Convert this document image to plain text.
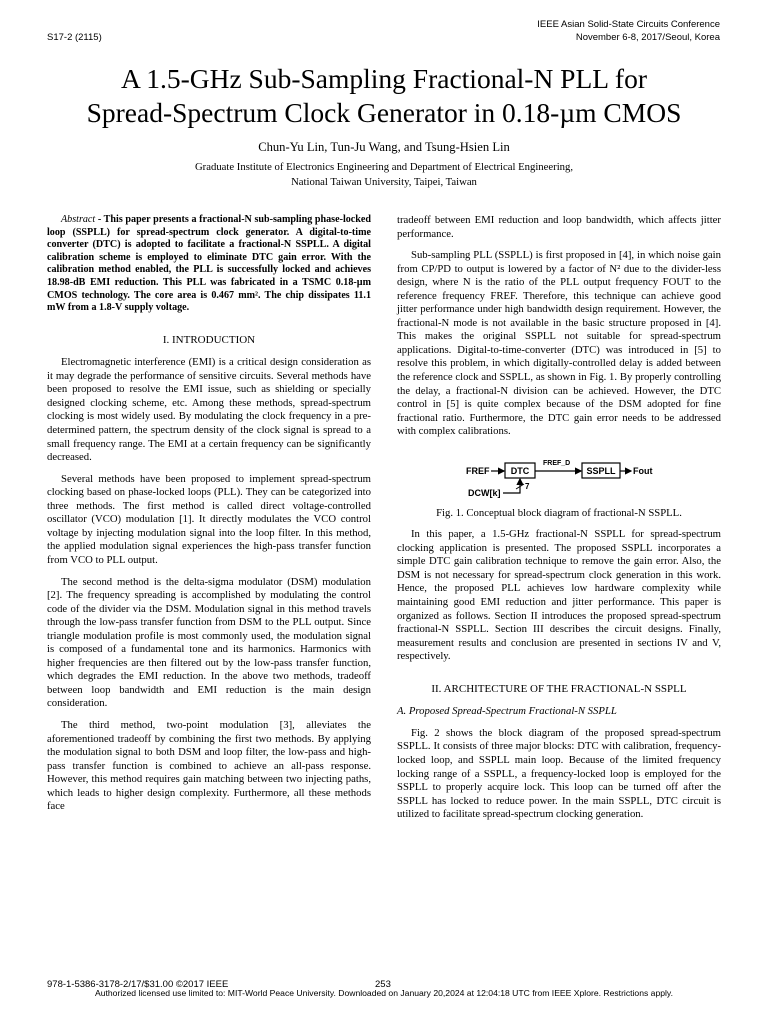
S17-2 (2115)
IEEE Asian Solid-State Circuits Conference
November 6-8, 2017/Seoul, Korea
A 1.5-GHz Sub-Sampling Fractional-N PLL for
Spread-Spectrum Clock Generator in 0.18-µm CMOS
Chun-Yu Lin, Tun-Ju Wang, and Tsung-Hsien Lin
Graduate Institute of Electronics Engineering and Department of Electrical Engineering,
National Taiwan University, Taipei, Taiwan

Abstract - This paper presents a fractional-N sub-sampling phase-locked loop (SSPLL) for spread-spectrum clock generator. A digital-to-time converter (DTC) is adopted to facilitate a fractional-N SSPLL. A digital calibration scheme is employed to eliminate DTC gain error. With the calibration method enabled, the PLL is successfully locked and achieves 18.98-dB EMI reduction. This PLL was fabricated in a TSMC 0.18-µm CMOS technology. The core area is 0.467 mm². The chip dissipates 11.1 mW from a 1.8-V supply voltage.

I. INTRODUCTION

Electromagnetic interference (EMI) is a critical design consideration as it may degrade the performance of sensitive circuits. Several methods have been proposed to resolve the EMI issue, such as shielding or specially designed clocking scheme, etc. Among these methods, spread-spectrum clocking is most widely used. By modulating the clock frequency in a pre-determined pattern, the spectrum density of the clock signal is spread to a small frequency range. The EMI at a certain frequency can be significantly decreased.

Several methods have been proposed to implement spread-spectrum clocking based on phase-locked loops (PLL). They can be categorized into three methods. The first method is called direct voltage-controlled oscillator (VCO) modulation [1]. It directly modulates the VCO control voltage by injecting modulation signal into the loop filter. In this method, the applied modulation signal experiences the high-pass transfer function from VCO to PLL output.

The second method is the delta-sigma modulator (DSM) modulation [2]. The frequency spreading is accomplished by modulating the control code of the divider via the DSM. Modulation signal in this method travels through the low-pass transfer function from DSM to the PLL output. Since triangle modulation profile is most commonly used, the modulation signal is composed of a fundamental tone and its harmonics. Harmonics with higher frequencies are then filtered out by the low-pass transfer function, which degrades the EMI reduction. In the above two methods, tradeoff between loop bandwidth and EMI reduction is the main design consideration.

The third method, two-point modulation [3], alleviates the aforementioned tradeoff by combining the first two methods. By applying the modulation signal to both DSM and loop filter, the low-pass and high-pass transfer function is combined to achieve an all-pass response. However, this method requires gain matching between two injecting paths, which leads to higher design complexity. Furthermore, all these methods face

tradeoff between EMI reduction and loop bandwidth, which affects jitter performance.

Sub-sampling PLL (SSPLL) is first proposed in [4], in which noise gain from CP/PD to output is lowered by a factor of N² due to the divider-less design, where N is the ratio of the PLL output frequency FOUT to the reference frequency FREF. Therefore, this technique can achieve good jitter performance under high bandwidth design requirement. However, the fractional-N mode is not available in the basic structure proposed in [4]. This makes the original SSPLL not suitable for spread-spectrum applications. Digital-to-time-converter (DTC) was introduced in [5] to resolve this problem, in which digitally-controlled delay is added between the reference clock and SSPLL, as shown in Fig. 1. By properly controlling the delay, a fractional-N division can be achieved. However, the DTC control in [5] is quite complex because of the DSM adopted for fine fractional ratio. Furthermore, the DTC gain error needs to be addressed with complex calibrations.

FREF DTC
FREF_D
SSPLL Fout
DCW[k]
7

Fig. 1. Conceptual block diagram of fractional-N SSPLL.

In this paper, a 1.5-GHz fractional-N SSPLL for spread-spectrum clocking application is presented. The proposed SSPLL incorporates a simple DTC gain calibration technique to remove the gain error. Also, the DSM is not necessary for spread-spectrum clock generation in this work. Hence, the proposed PLL achieves low hardware complexity while maintaining good EMI reduction and jitter performance. This paper is organized as follows. Section II introduces the proposed spread-spectrum fractional-N SSPLL. Section III describes the circuit designs. Finally, measurement results and conclusion are presented in sections IV and V, respectively.

II. ARCHITECTURE OF THE FRACTIONAL-N SSPLL

A. Proposed Spread-Spectrum Fractional-N SSPLL

Fig. 2 shows the block diagram of the proposed spread-spectrum SSPLL. It consists of three major blocks: DTC with calibration, frequency-locked loop, and SSPLL main loop. Because of the limited frequency locking range of a SSPLL, a frequency-locked loop is employed for the SSPLL to properly acquire lock. This loop can be turned off after the SSPLL has locked to reduce power. In the main SSPLL, DTC circuit is utilized to facilitate spread-spectrum clocking generation.

978-1-5386-3178-2/17/$31.00 ©2017 IEEE	253
Authorized licensed use limited to: MIT-World Peace University. Downloaded on January 20,2024 at 12:04:18 UTC from IEEE Xplore. Restrictions apply.
